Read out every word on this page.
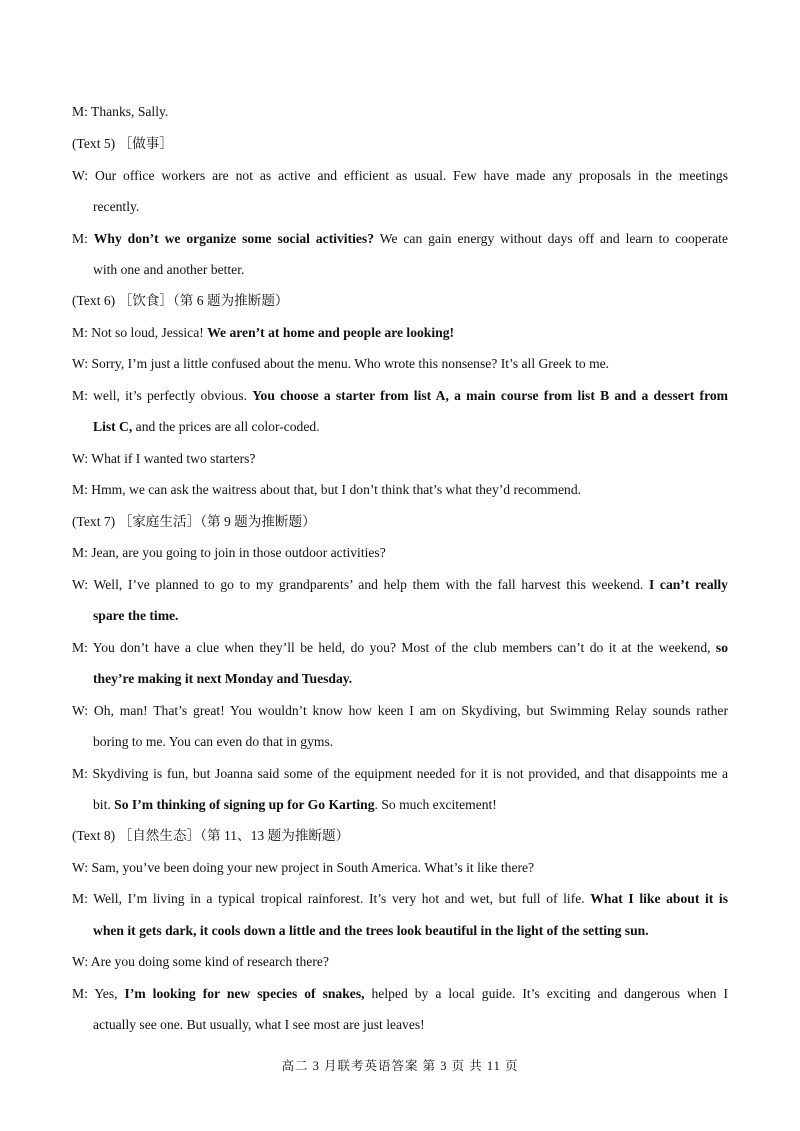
M: Thanks, Sally.
(Text 5) ［做事］
W: Our office workers are not as active and efficient as usual. Few have made any proposals in the meetings
recently.
M: Why don’t we organize some social activities? We can gain energy without days off and learn to cooperate
with one and another better.
(Text 6) ［饮食］（第 6 题为推断题）
M: Not so loud, Jessica! We aren’t at home and people are looking!
W: Sorry, I’m just a little confused about the menu. Who wrote this nonsense? It’s all Greek to me.
M: well, it’s perfectly obvious. You choose a starter from list A, a main course from list B and a dessert from
List C, and the prices are all color-coded.
W: What if I wanted two starters?
M: Hmm, we can ask the waitress about that, but I don’t think that’s what they’d recommend.
(Text 7) ［家庭生活］（第 9 题为推断题）
M: Jean, are you going to join in those outdoor activities?
W: Well, I’ve planned to go to my grandparents’ and help them with the fall harvest this weekend. I can’t really
spare the time.
M: You don’t have a clue when they’ll be held, do you? Most of the club members can’t do it at the weekend, so
they’re making it next Monday and Tuesday.
W: Oh, man! That’s great! You wouldn’t know how keen I am on Skydiving, but Swimming Relay sounds rather
boring to me. You can even do that in gyms.
M: Skydiving is fun, but Joanna said some of the equipment needed for it is not provided, and that disappoints me a
bit. So I’m thinking of signing up for Go Karting. So much excitement!
(Text 8) ［自然生态］（第 11、13 题为推断题）
W: Sam, you’ve been doing your new project in South America. What’s it like there?
M: Well, I’m living in a typical tropical rainforest. It’s very hot and wet, but full of life. What I like about it is
when it gets dark, it cools down a little and the trees look beautiful in the light of the setting sun.
W: Are you doing some kind of research there?
M: Yes, I’m looking for new species of snakes, helped by a local guide. It’s exciting and dangerous when I
actually see one. But usually, what I see most are just leaves!
高二 3 月联考英语答案 第 3 页 共 11 页
